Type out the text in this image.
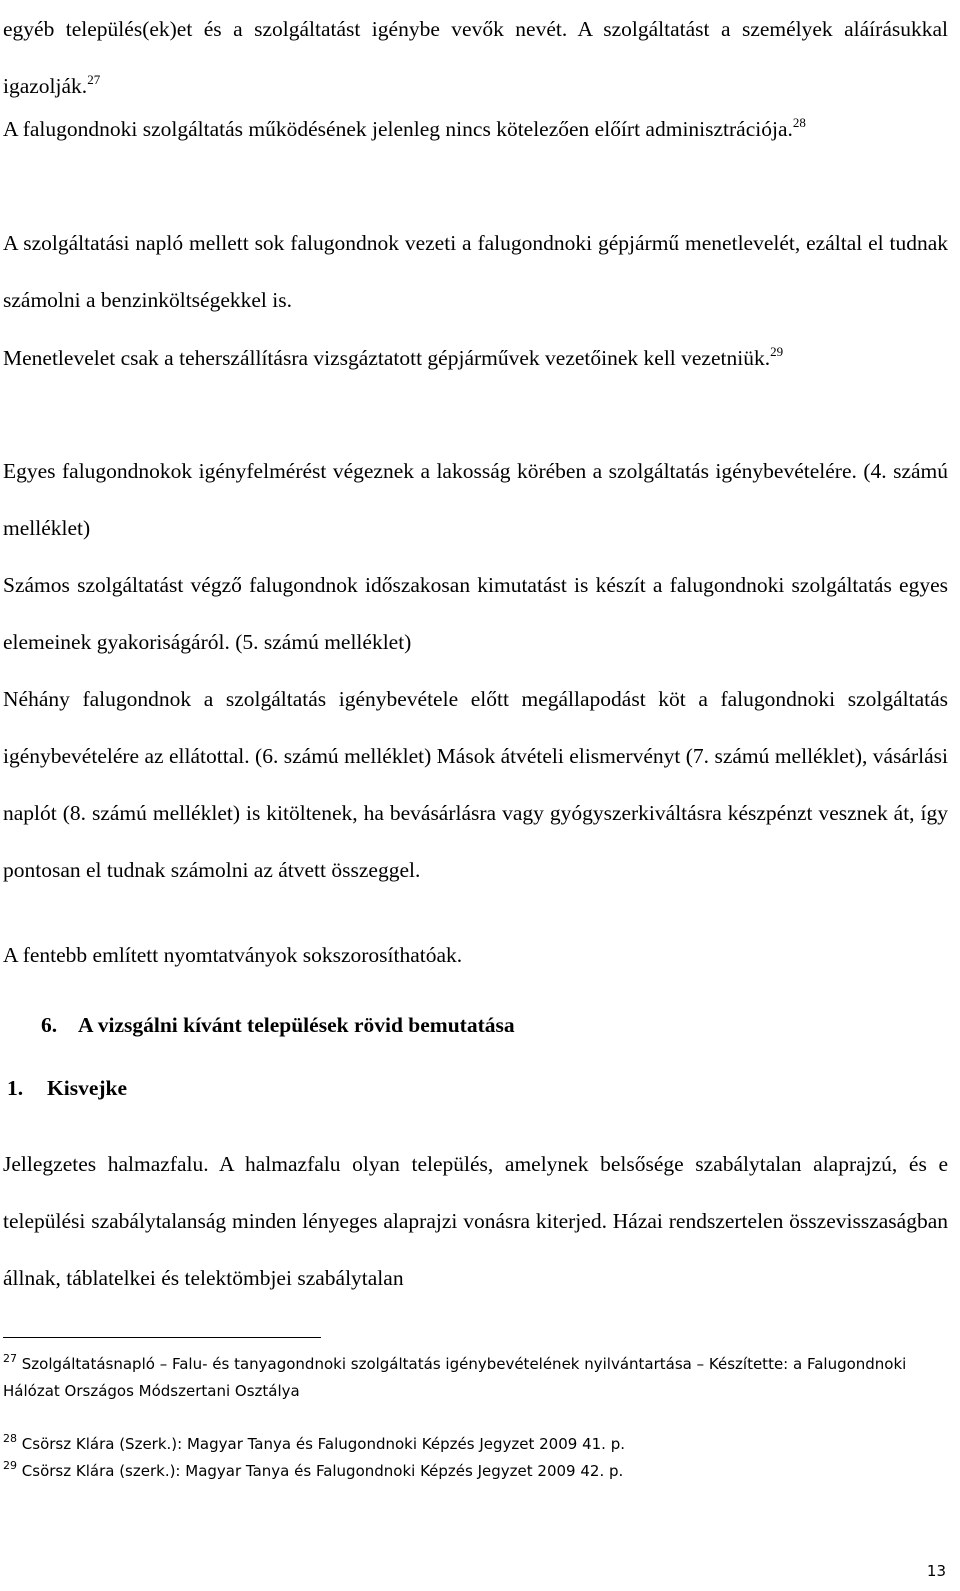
egyéb település(ek)et és a szolgáltatást igénybe vevők nevét. A szolgáltatást a személyek aláírásukkal igazolják.$^{27}$

A falugondnoki szolgáltatás működésének jelenleg nincs kötelezően előírt adminisztrációja.$^{28}$

A szolgáltatási napló mellett sok falugondnok vezeti a falugondnoki gépjármű menetlevelét, ezáltal el tudnak számolni a benzinköltségekkel is.

Menetlevelet csak a teherszállításra vizsgáztatott gépjárművek vezetőinek kell vezetniük.$^{29}$

Egyes falugondnokok igényfelmérést végeznek a lakosság körében a szolgáltatás igénybevételére. (4. számú melléklet)

Számos szolgáltatást végző falugondnok időszakosan kimutatást is készít a falugondnoki szolgáltatás egyes elemeinek gyakoriságáról. (5. számú melléklet)

Néhány falugondnok a szolgáltatás igénybevétele előtt megállapodást köt a falugondnoki szolgáltatás igénybevételére az ellátottal. (6. számú melléklet) Mások átvételi elismervényt (7. számú melléklet), vásárlási naplót (8. számú melléklet) is kitöltenek, ha bevásárlásra vagy gyógyszerkiváltásra készpénzt vesznek át, így pontosan el tudnak számolni az átvett összeggel.

A fentebb említett nyomtatványok sokszorosíthatóak.

6. A vizsgálni kívánt települések rövid bemutatása
1. Kisvejke

Jellegzetes halmazfalu. A halmazfalu olyan település, amelynek belsősége szabálytalan alaprajzú, és e települési szabálytalanság minden lényeges alaprajzi vonásra kiterjed. Házai rendszertelen összevisszaságban állnak, táblatelkei és telektömbjei szabálytalan

$^{27}$ Szolgáltatásnapló – Falu- és tanyagondnoki szolgáltatás igénybevételének nyilvántartása – Készítette: a Falugondnoki Hálózat Országos Módszertani Osztálya

$^{28}$ Csörsz Klára (Szerk.): Magyar Tanya és Falugondnoki Képzés Jegyzet 2009 41. p.

$^{29}$ Csörsz Klára (szerk.): Magyar Tanya és Falugondnoki Képzés Jegyzet 2009 42. p.

13
